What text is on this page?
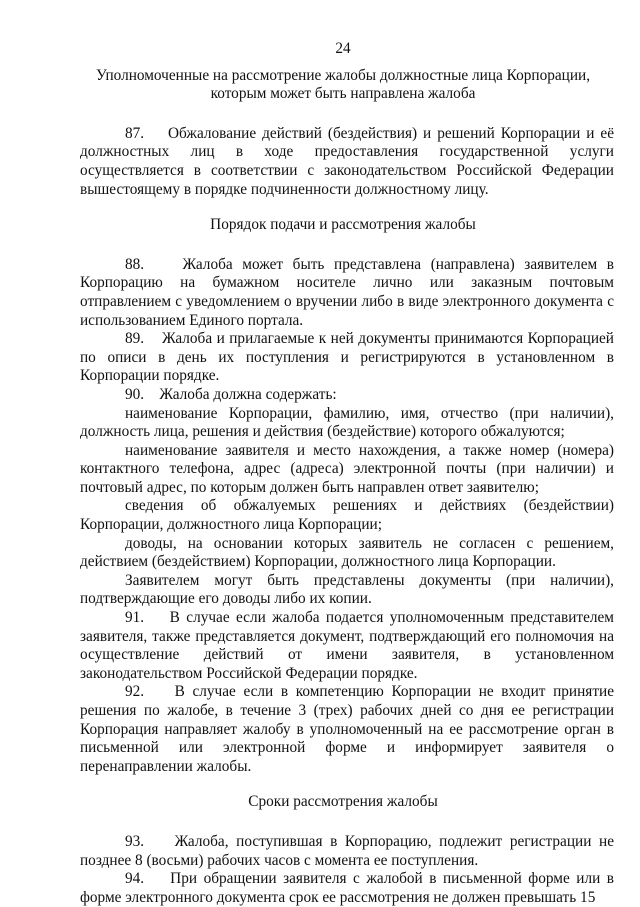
24
Уполномоченные на рассмотрение жалобы должностные лица Корпорации, которым может быть направлена жалоба

87.    Обжалование действий (бездействия) и решений Корпорации и её должностных лиц в ходе предоставления государственной услуги осуществляется в соответствии с законодательством Российской Федерации вышестоящему в порядке подчиненности должностному лицу.

Порядок подачи и рассмотрения жалобы

88.    Жалоба может быть представлена (направлена) заявителем в Корпорацию на бумажном носителе лично или заказным почтовым отправлением с уведомлением о вручении либо в виде электронного документа с использованием Единого портала.

89.    Жалоба и прилагаемые к ней документы принимаются Корпорацией по описи в день их поступления и регистрируются в установленном в Корпорации порядке.

90.    Жалоба должна содержать:

наименование Корпорации, фамилию, имя, отчество (при наличии), должность лица, решения и действия (бездействие) которого обжалуются;

наименование заявителя и место нахождения, а также номер (номера) контактного телефона, адрес (адреса) электронной почты (при наличии) и почтовый адрес, по которым должен быть направлен ответ заявителю;

сведения об обжалуемых решениях и действиях (бездействии) Корпорации, должностного лица Корпорации;

доводы, на основании которых заявитель не согласен с решением, действием (бездействием) Корпорации, должностного лица Корпорации.

Заявителем могут быть представлены документы (при наличии), подтверждающие его доводы либо их копии.

91.    В случае если жалоба подается уполномоченным представителем заявителя, также представляется документ, подтверждающий его полномочия на осуществление действий от имени заявителя, в установленном законодательством Российской Федерации порядке.

92.    В случае если в компетенцию Корпорации не входит принятие решения по жалобе, в течение 3 (трех) рабочих дней со дня ее регистрации Корпорация направляет жалобу в уполномоченный на ее рассмотрение орган в письменной или электронной форме и информирует заявителя о перенаправлении жалобы.

Сроки рассмотрения жалобы

93.    Жалоба, поступившая в Корпорацию, подлежит регистрации не позднее 8 (восьми) рабочих часов с момента ее поступления.

94.    При обращении заявителя с жалобой в письменной форме или в форме электронного документа срок ее рассмотрения не должен превышать 15
